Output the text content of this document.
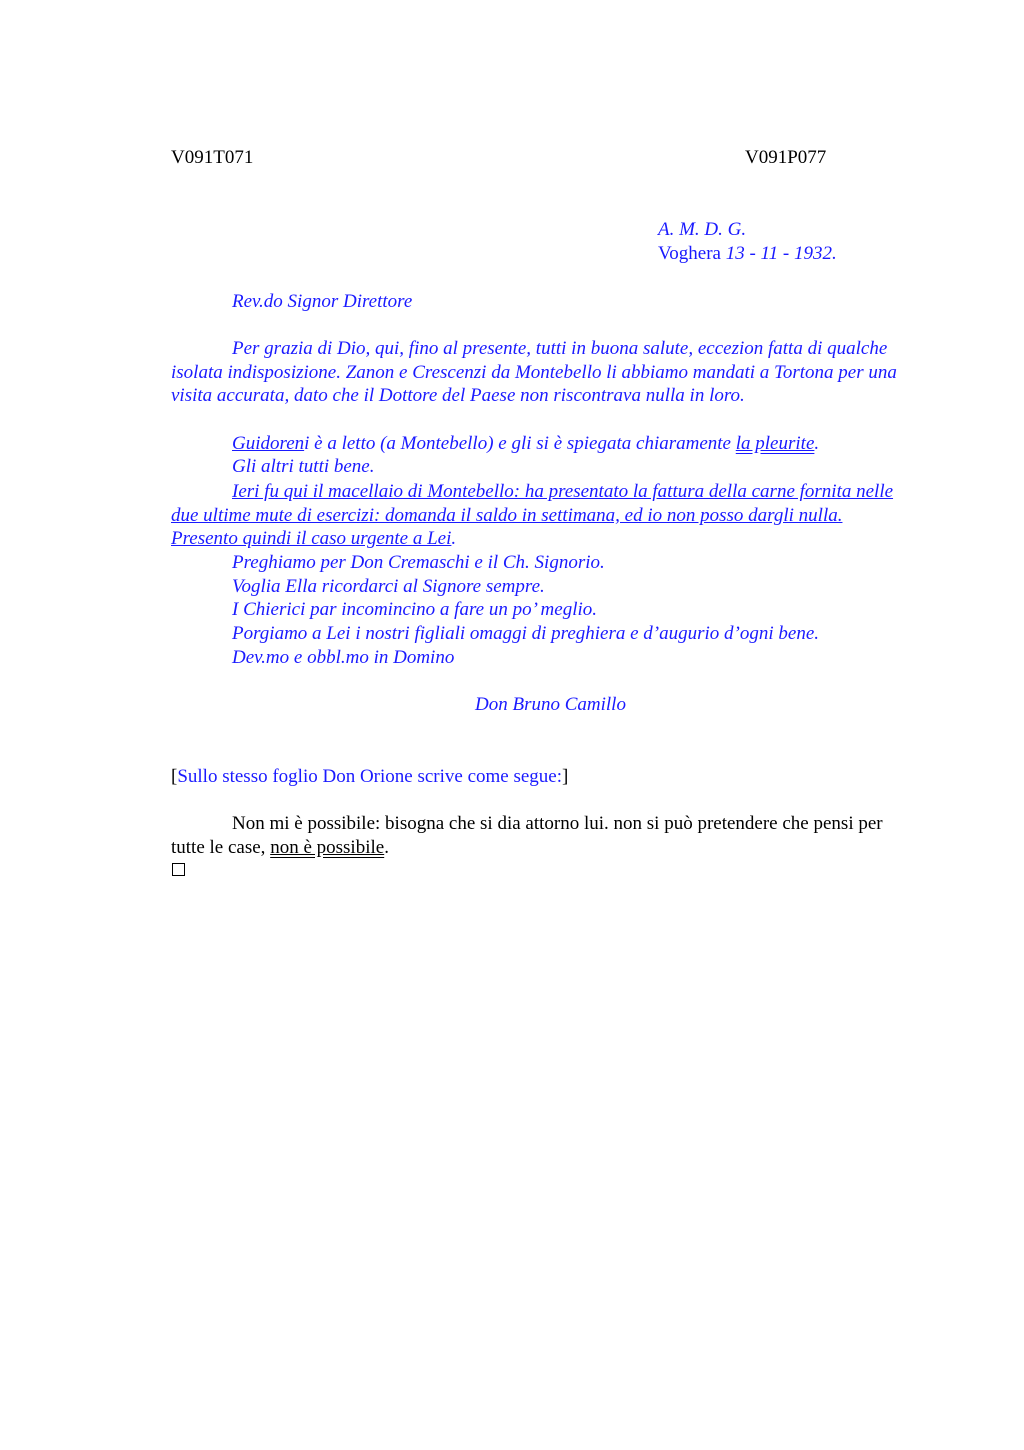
V091T071	V091P077
A. M. D. G.
Voghera 13 - 11 - 1932.
Rev.do Signor Direttore
Per grazia di Dio, qui, fino al presente, tutti in buona salute, eccezion fatta di qualche isolata indisposizione. Zanon e Crescenzi da Montebello li abbiamo mandati a Tortona per una visita accurata, dato che il Dottore del Paese non riscontrava nulla in loro.
Guidoreni è a letto (a Montebello) e gli si è spiegata chiaramente la pleurite.
Gli altri tutti bene.
Ieri fu qui il macellaio di Montebello: ha presentato la fattura della carne fornita nelle due ultime mute di esercizi: domanda il saldo in settimana, ed io non posso dargli nulla. Presento quindi il caso urgente a Lei.
Preghiamo per Don Cremaschi e il Ch. Signorio.
Voglia Ella ricordarci al Signore sempre.
I Chierici par incomincino a fare un po’ meglio.
Porgiamo a Lei i nostri figliali omaggi di preghiera e d’augurio d’ogni bene.
Dev.mo e obbl.mo in Domino
Don Bruno Camillo
[Sullo stesso foglio Don Orione scrive come segue:]
Non mi è possibile: bisogna che si dia attorno lui. non si può pretendere che pensi per tutte le case, non è possibile.
